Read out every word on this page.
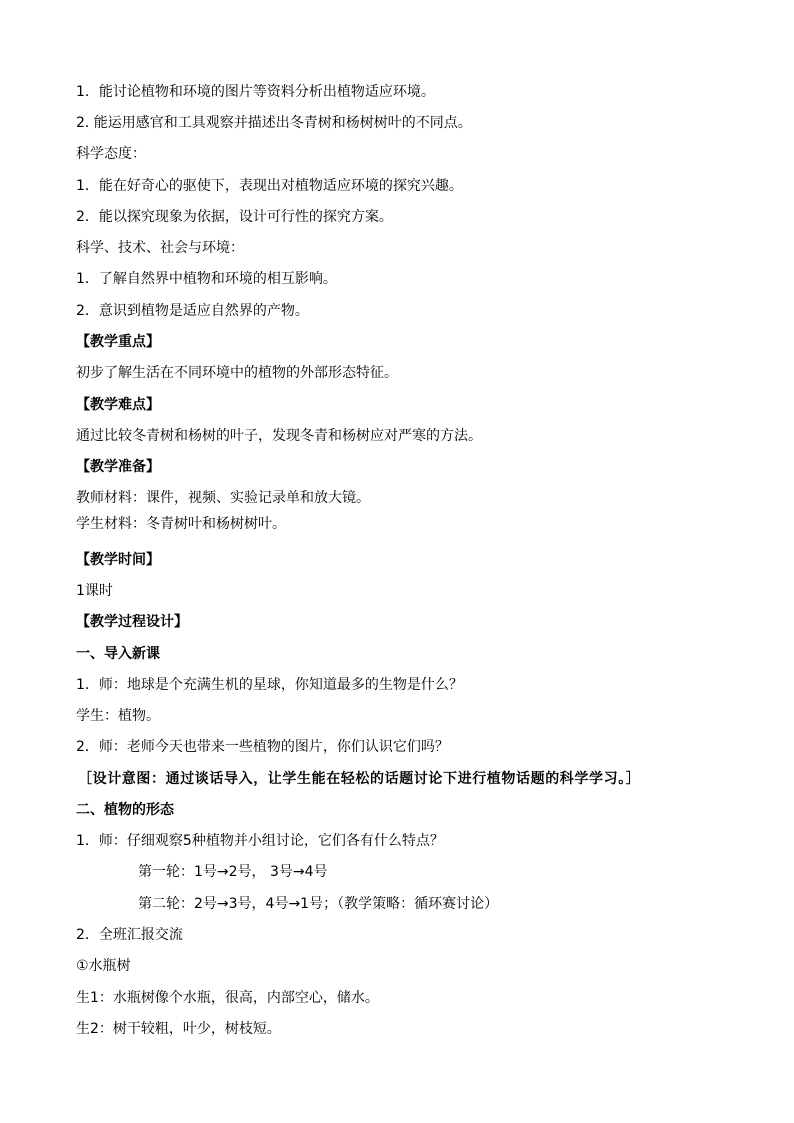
1．能讨论植物和环境的图片等资料分析出植物适应环境。
2. 能运用感官和工具观察并描述出冬青树和杨树树叶的不同点。
科学态度：
1．能在好奇心的驱使下，表现出对植物适应环境的探究兴趣。
2．能以探究现象为依据，设计可行性的探究方案。
科学、技术、社会与环境：
1．了解自然界中植物和环境的相互影响。
2．意识到植物是适应自然界的产物。
【教学重点】
初步了解生活在不同环境中的植物的外部形态特征。
【教学难点】
通过比较冬青树和杨树的叶子，发现冬青和杨树应对严寒的方法。
【教学准备】
教师材料：课件，视频、实验记录单和放大镜。
学生材料：冬青树叶和杨树树叶。
【教学时间】
1课时
【教学过程设计】
一、导入新课
1．师：地球是个充满生机的星球，你知道最多的生物是什么？
学生：植物。
2．师：老师今天也带来一些植物的图片，你们认识它们吗？
［设计意图：通过谈话导入，让学生能在轻松的话题讨论下进行植物话题的科学学习。］
二、植物的形态
1．师：仔细观察5种植物并小组讨论，它们各有什么特点？
第一轮：1号→2号， 3号→4号
第二轮：2号→3号，4号→1号；（教学策略：循环赛讨论）
2．全班汇报交流
①水瓶树
生1：水瓶树像个水瓶，很高，内部空心，储水。
生2：树干较粗，叶少，树枝短。
